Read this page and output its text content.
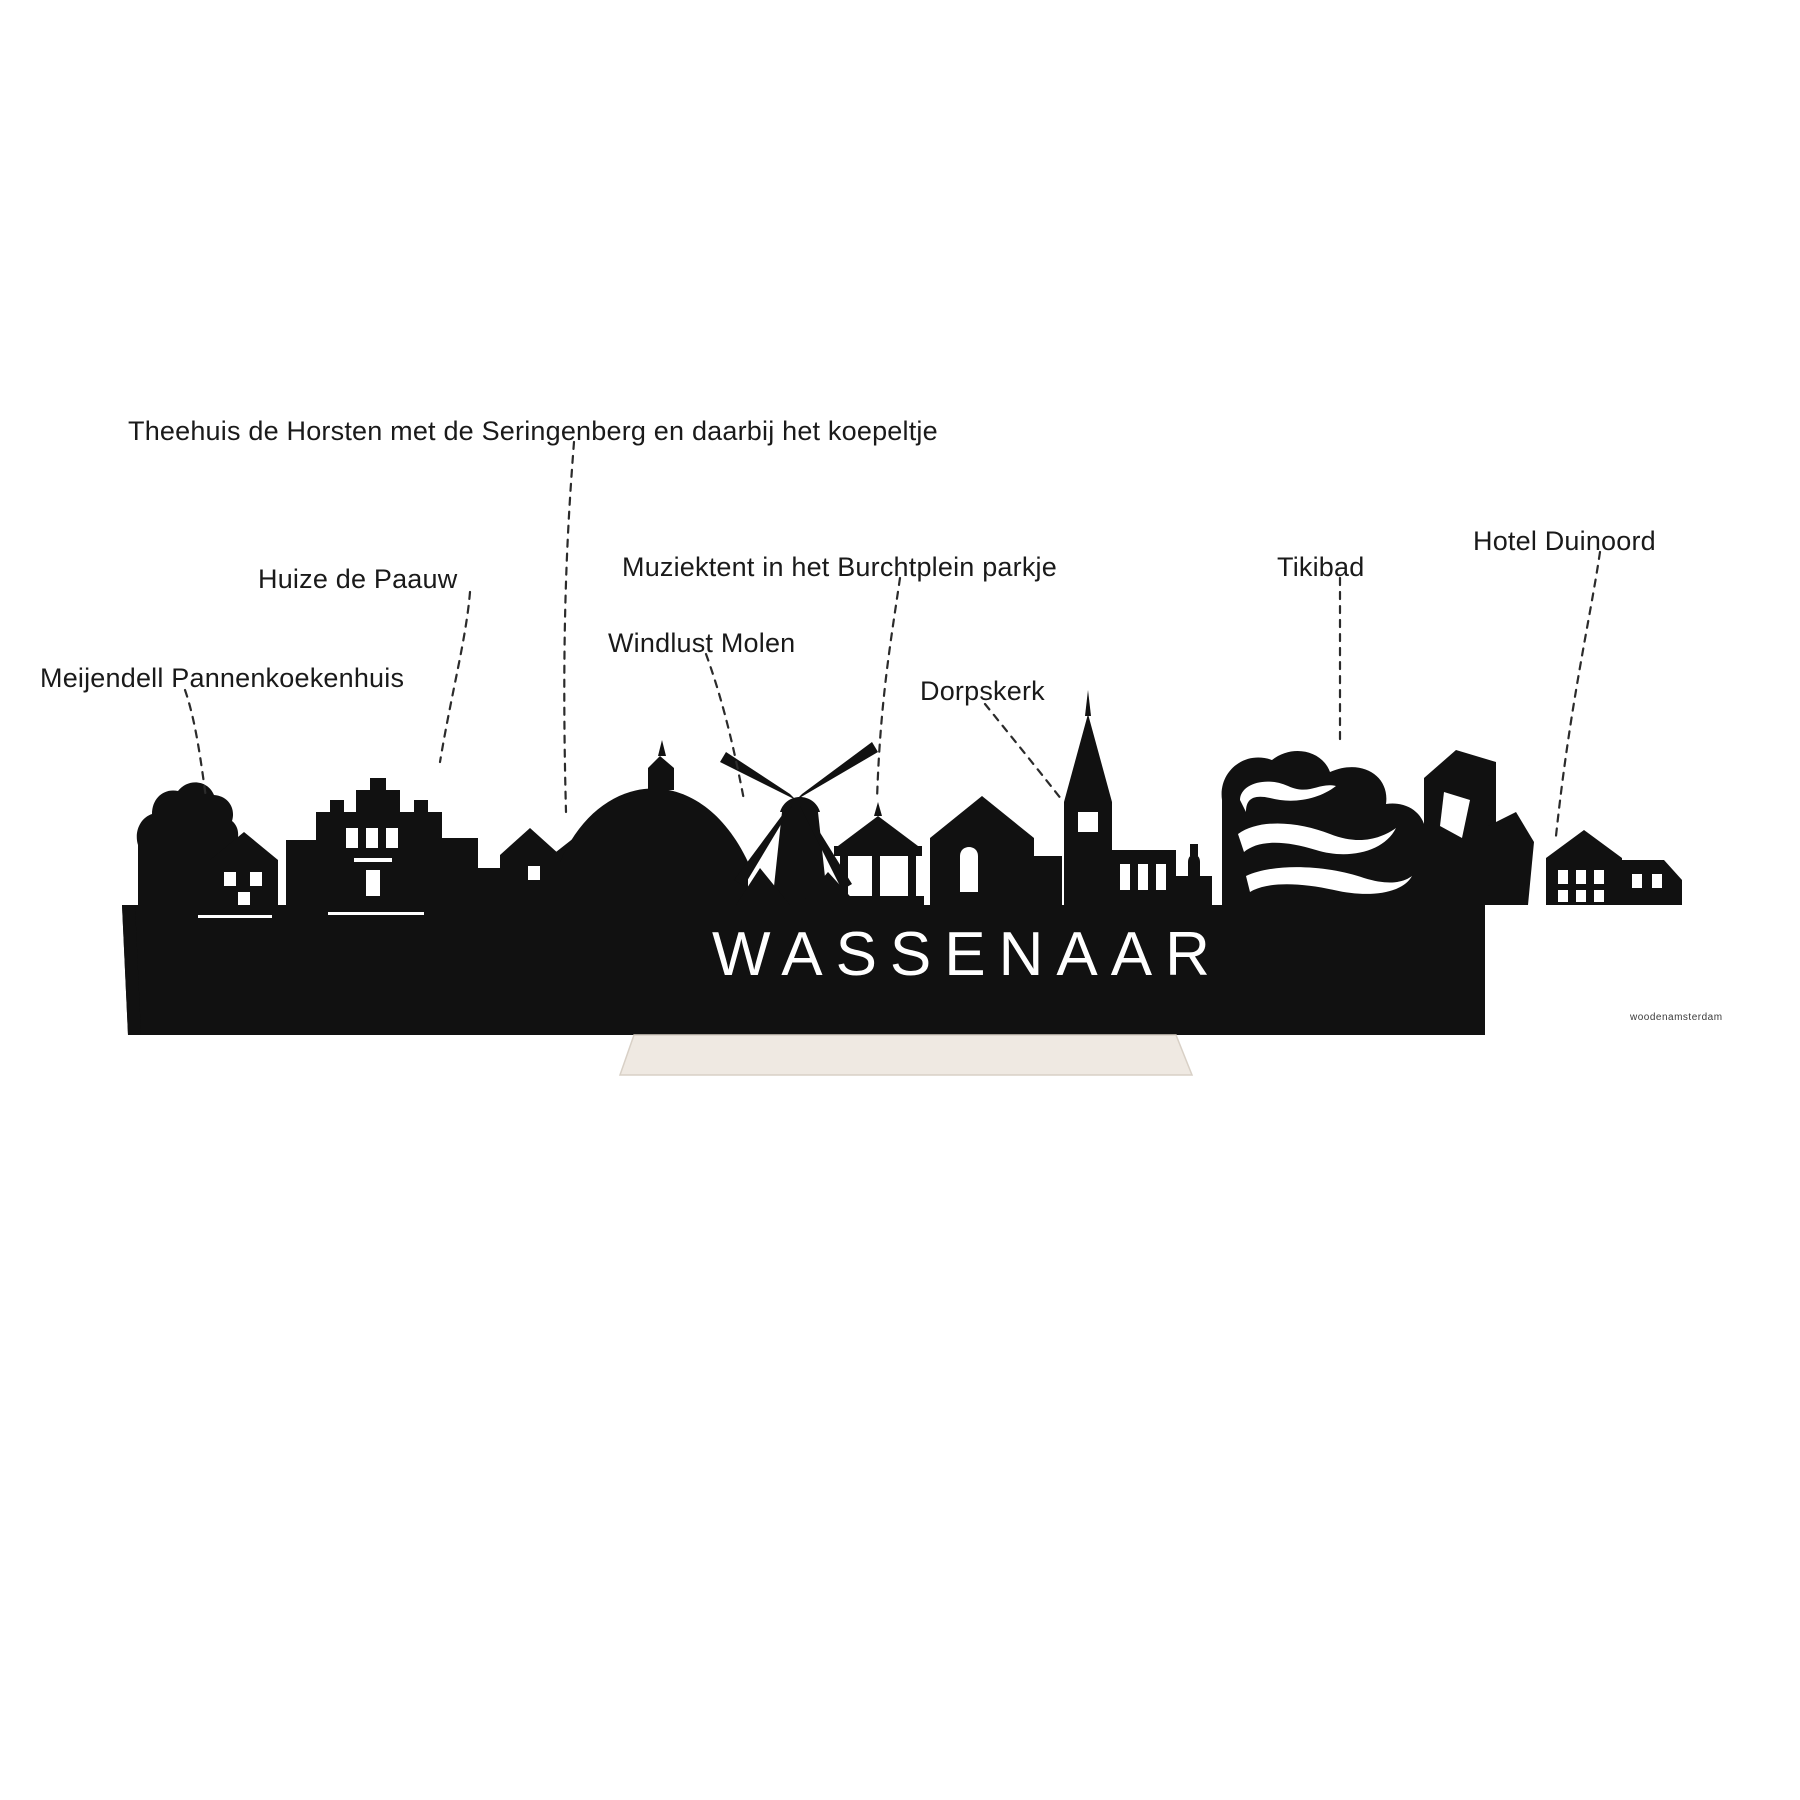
WASSENAAR
woodenamsterdam
Theehuis de Horsten met de Seringenberg en daarbij het koepeltje
Huize de Paauw	Muziektent in het Burchtplein parkje
Hotel Duinoord
Tikibad
Windlust Molen
Dorpskerk
Meijendell Pannenkoekenhuis
